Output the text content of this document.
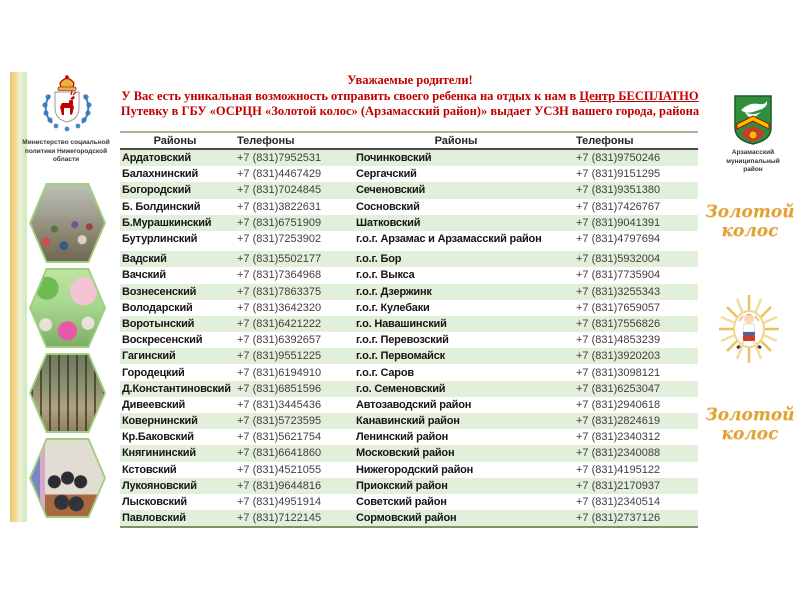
Министерство социальной политики Нижегородской области
Уважаемые родители!
У Вас есть уникальная возможность отправить своего ребенка на отдых к нам в Центр БЕСПЛАТНО
Путевку в ГБУ «ОСРЦН «Золотой колос» (Арзамасский район)» выдает УСЗН вашего города, района
Районы	Телефоны	Районы	Телефоны
Ардатовский	+7 (831)7952531	Починковский	+7 (831)9750246
Балахнинский	+7 (831)4467429	Сергачский	+7 (831)9151295
Богородский	+7 (831)7024845	Сеченовский	+7 (831)9351380
Б. Болдинский	+7 (831)3822631	Сосновский	+7 (831)7426767
Б.Мурашкинский	+7 (831)6751909	Шатковский	+7 (831)9041391
Бутурлинский	+7 (831)7253902	г.о.г. Арзамас и Арзамасский район	+7 (831)4797694
Вадский	+7 (831)5502177	г.о.г. Бор	+7 (831)5932004
Вачский	+7 (831)7364968	г.о.г. Выкса	+7 (831)7735904
Вознесенский	+7 (831)7863375	г.о.г. Дзержинк	+7 (831)3255343
Володарский	+7 (831)3642320	г.о.г. Кулебаки	+7 (831)7659057
Воротынский	+7 (831)6421222	г.о. Навашинский	+7 (831)7556826
Воскресенский	+7 (831)6392657	г.о.г. Перевозский	+7 (831)4853239
Гагинский	+7 (831)9551225	г.о.г. Первомайск	+7 (831)3920203
Городецкий	+7 (831)6194910	г.о.г. Саров	+7 (831)3098121
Д.Константиновский +7 (831)6851596	г.о. Семеновский	+7 (831)6253047
Дивеевский	+7 (831)3445436	Автозаводский район	+7 (831)2940618
Ковернинский	+7 (831)5723595	Канавинский район	+7 (831)2824619
Кр.Баковский	+7 (831)5621754	Ленинский район	+7 (831)2340312
Княгининский	+7 (831)6641860	Московский район	+7 (831)2340088
Кстовский	+7 (831)4521055	Нижегородский район	+7 (831)4195122
Лукояновский	+7 (831)9644816	Приокский район	+7 (831)2170937
Лысковский	+7 (831)4951914	Советский район	+7 (831)2340514
Павловский	+7 (831)7122145	Сормовский район	+7 (831)2737126
Арзамасский муниципальный район
Золотой колос
Золотой колос
